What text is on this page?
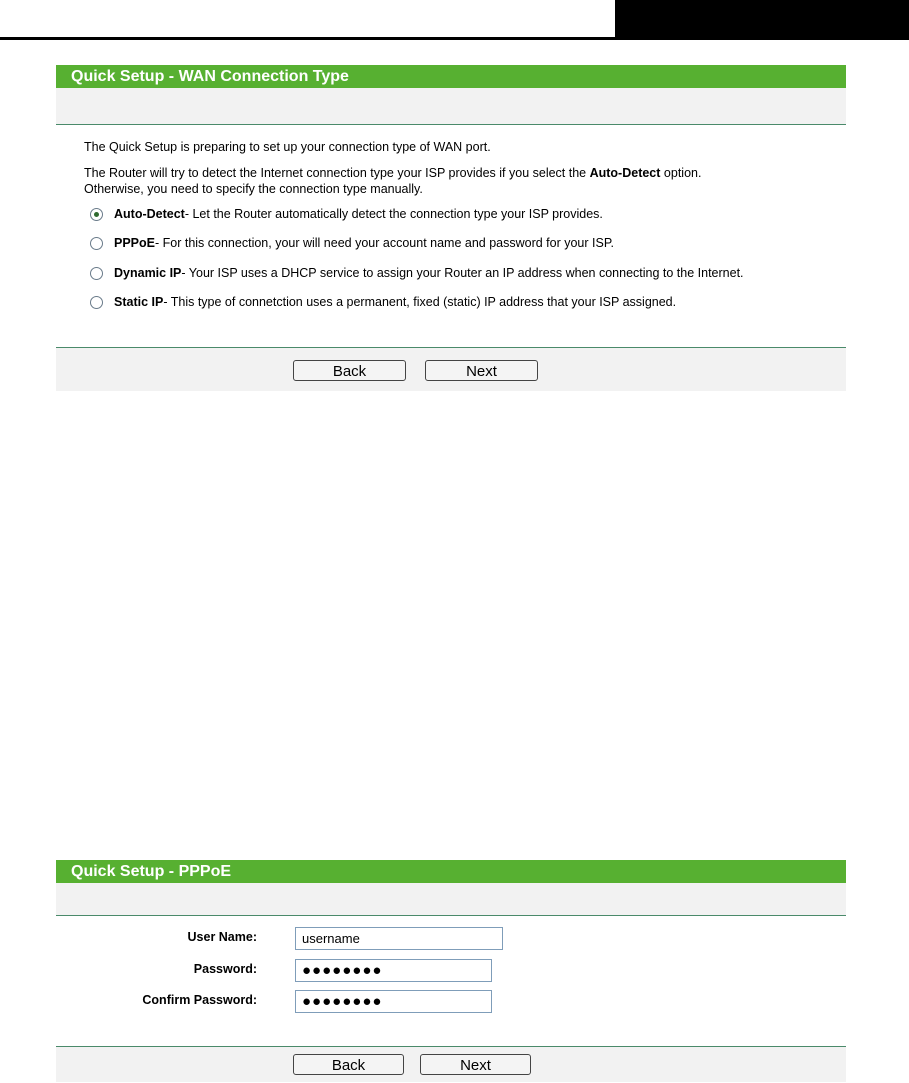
Quick Setup - WAN Connection Type
The Quick Setup is preparing to set up your connection type of WAN port.
The Router will try to detect the Internet connection type your ISP provides if you select the Auto-Detect option.
Otherwise, you need to specify the connection type manually.
Auto-Detect - Let the Router automatically detect the connection type your ISP provides.
PPPoE - For this connection, your will need your account name and password for your ISP.
Dynamic IP - Your ISP uses a DHCP service to assign your Router an IP address when connecting to the Internet.
Static IP - This type of connetction uses a permanent, fixed (static) IP address that your ISP assigned.
Back	Next
Quick Setup - PPPoE
User Name:	username
Password:	●●●●●●●●
Confirm Password:	●●●●●●●●
Back	Next
